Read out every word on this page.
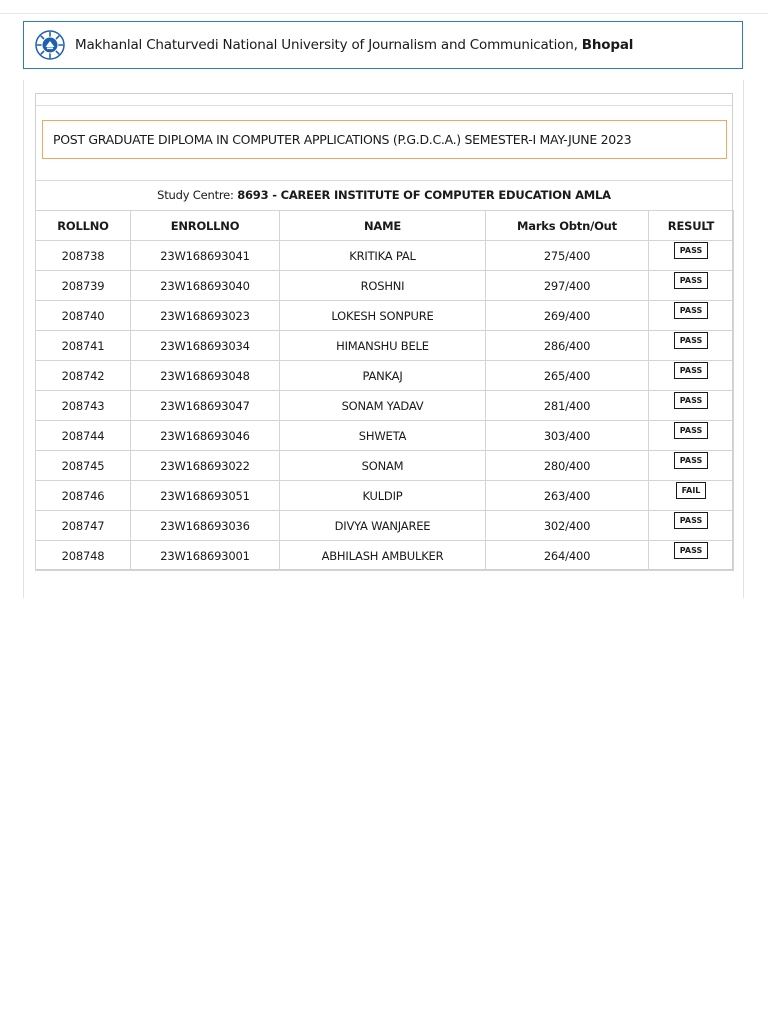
Makhanlal Chaturvedi National University of Journalism and Communication, Bhopal
POST GRADUATE DIPLOMA IN COMPUTER APPLICATIONS (P.G.D.C.A.) SEMESTER-I MAY-JUNE 2023
Study Centre:
8693 - CAREER INSTITUTE OF COMPUTER EDUCATION AMLA
ROLLNO	ENROLLNO	NAME	Marks Obtn/Out	RESULT
208738	23W168693041	KRITIKA PAL	275/400	PASS
208739	23W168693040	ROSHNI	297/400	PASS
208740	23W168693023	LOKESH SONPURE	269/400	PASS
208741	23W168693034	HIMANSHU BELE	286/400	PASS
208742	23W168693048	PANKAJ	265/400	PASS
208743	23W168693047	SONAM YADAV	281/400	PASS
208744	23W168693046	SHWETA	303/400	PASS
208745	23W168693022	SONAM	280/400	PASS
208746	23W168693051	KULDIP	263/400	FAIL
208747	23W168693036	DIVYA WANJAREE	302/400	PASS
208748	23W168693001	ABHILASH AMBULKER	264/400	PASS
